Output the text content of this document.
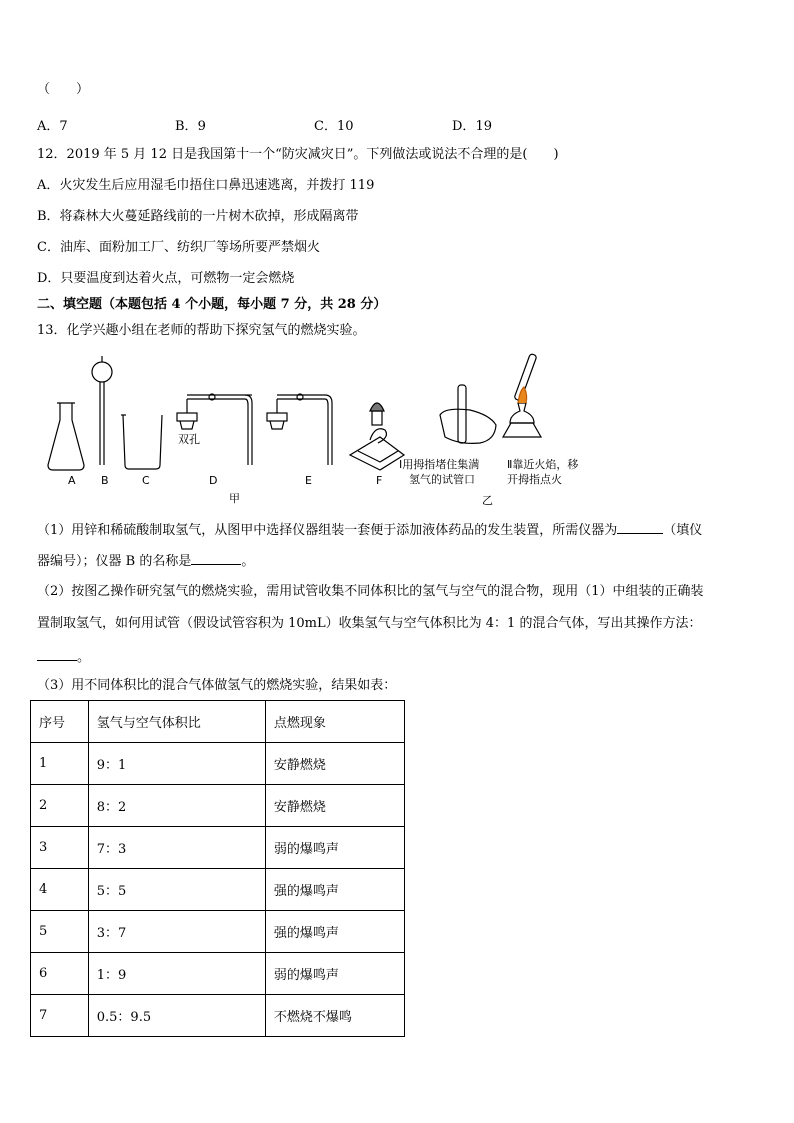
（　　）
A．7	B．9	C．10	D．19
12．2019 年 5 月 12 日是我国第十一个“防灾减灾日”。下列做法或说法不合理的是(　　)
A．火灾发生后应用湿毛巾捂住口鼻迅速逃离，并拨打 119
B．将森林大火蔓延路线前的一片树木砍掉，形成隔离带
C．油库、面粉加工厂、纺织厂等场所要严禁烟火
D．只要温度到达着火点，可燃物一定会燃烧
二、填空题（本题包括 4 个小题，每小题 7 分，共 28 分）
13．化学兴趣小组在老师的帮助下探究氢气的燃烧实验。
A B	C	D	E	F
双孔
甲
Ⅰ用拇指堵住集满
氢气的试管口
Ⅱ靠近火焰，移
开拇指点火
乙
（1）用锌和稀硫酸制取氢气，从图甲中选择仪器组装一套便于添加液体药品的发生装置，所需仪器为	（填仪
器编号）；仪器 B 的名称是	。
（2）按图乙操作研究氢气的燃烧实验，需用试管收集不同体积比的氢气与空气的混合物，现用（1）中组装的正确装
置制取氢气，如何用试管（假设试管容积为 10mL）收集氢气与空气体积比为 4：1 的混合气体，写出其操作方法：
。
（3）用不同体积比的混合气体做氢气的燃烧实验，结果如表：
序号	氢气与空气体积比	点燃现象
1	9：1	安静燃烧
2	8：2	安静燃烧
3	7：3	弱的爆鸣声
4	5：5	强的爆鸣声
5	3：7	强的爆鸣声
6	1：9	弱的爆鸣声
7	0.5：9.5	不燃烧不爆鸣
